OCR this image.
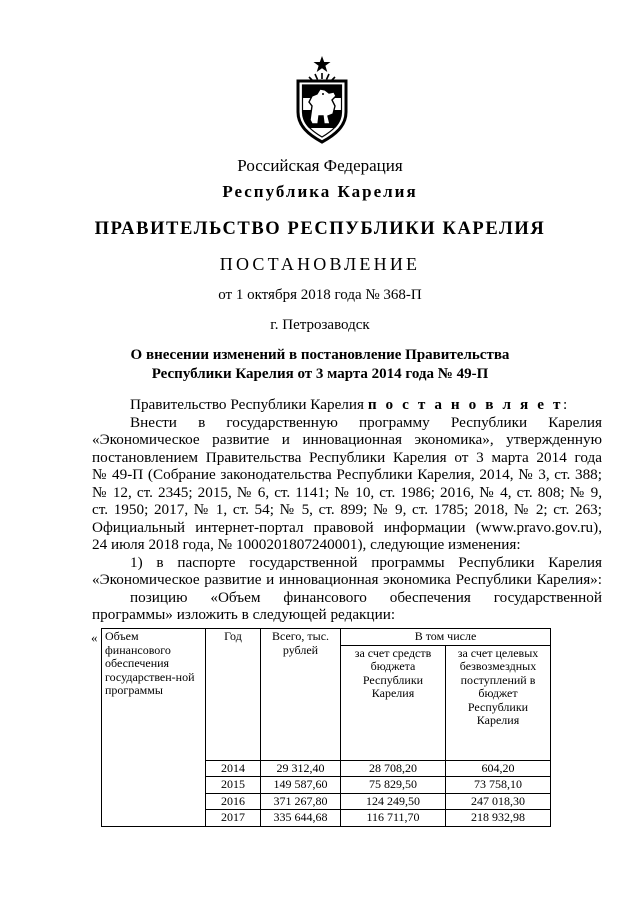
Российская Федерация
Республика Карелия
ПРАВИТЕЛЬСТВО РЕСПУБЛИКИ КАРЕЛИЯ
ПОСТАНОВЛЕНИЕ
от 1 октября 2018 года № 368-П
г. Петрозаводск
О внесении изменений в постановление Правительства
Республики Карелия от 3 марта 2014 года № 49-П

Правительство Республики Карелия п о с т а н о в л я е т:

Внести в государственную программу Республики Карелия

«Экономическое развитие и инновационная экономика», утвержденную

постановлением Правительства Республики Карелия от 3 марта 2014 года

№ 49-П (Собрание законодательства Республики Карелия, 2014, № 3, ст. 388;

№ 12, ст. 2345; 2015, № 6, ст. 1141; № 10, ст. 1986; 2016, № 4, ст. 808; № 9,

ст. 1950; 2017, № 1, ст. 54; № 5, ст. 899; № 9, ст. 1785; 2018, № 2; ст. 263;

Официальный интернет-портал правовой информации (www.pravo.gov.ru),

24 июля 2018 года, № 1000201807240001), следующие изменения:

1) в паспорте государственной программы Республики Карелия

«Экономическое развитие и инновационная экономика Республики Карелия»:

позицию «Объем финансового обеспечения государственной

программы» изложить в следующей редакции:

« Объем финансового обеспечения государствен-ной программы	Год	Всего, тыс. рублей	В том числе	
			за счет средств бюджета Республики Карелия	за счет целевых безвозмездных поступлений в бюджет Республики Карелия
	2014	29 312,40	28 708,20	604,20
	2015	149 587,60	75 829,50	73 758,10
	2016	371 267,80	124 249,50	247 018,30
	2017	335 644,68	116 711,70	218 932,98
